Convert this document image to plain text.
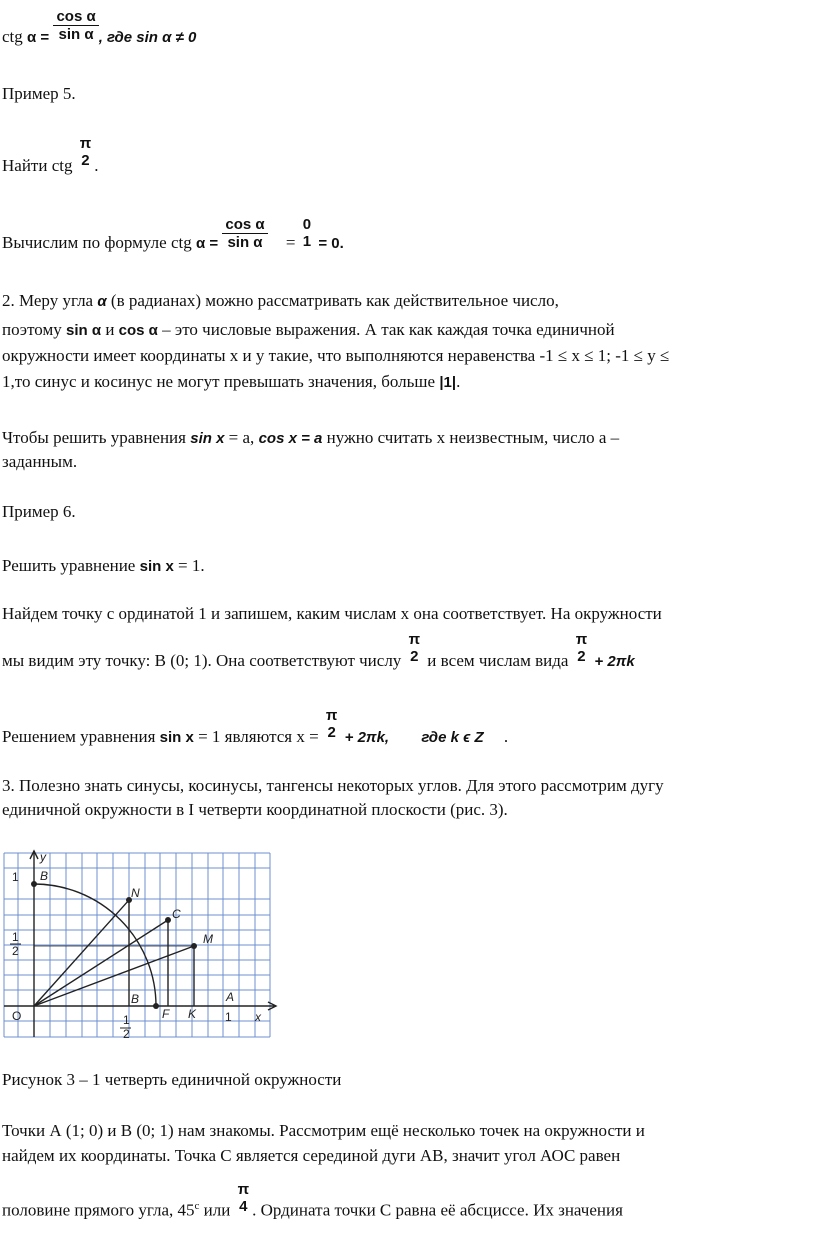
ctg $\alpha = \frac{\text{cos α}}{\text{sin α}}$ , где sin α ≠ 0
Пример 5.
Найти ctg
π
2 .
Вычислим по формуле ctg $\alpha = \frac{\text{cos α}}{\text{sin α}}$ =
0
1 = 0.
2. Меру угла α (в радианах) можно рассматривать как действительное число,
поэтому sin α и cos α – это числовые выражения. А так как каждая точка единичной
окружности имеет координаты x и y такие, что выполняются неравенства -1 ≤ x ≤ 1; -1 ≤ y ≤
1,то синус и косинус не могут превышать значения, больше |1|.
Чтобы решить уравнения sin x = a, cos x = a нужно считать x неизвестным, число a –
заданным.
Пример 6.
Решить уравнение sin x = 1.
Найдем точку с ординатой 1 и запишем, каким числам x она соответствует. На окружности
мы видим эту точку: B (0; 1). Она соответствуют числу
π
2 и всем числам вида
π
2 + 2πk
Решением уравнения sin x = 1 являются x =
π
2 + 2πk, где k ϵ Z .
3. Полезно знать синусы, косинусы, тангенсы некоторых углов. Для этого рассмотрим дугу
единичной окружности в I четверти координатной плоскости (рис. 3).
y
x
O
1
1
1
2
1
2
B
N
C
M
A
B
F K
Рисунок 3 – 1 четверть единичной окружности
Точки А (1; 0) и В (0; 1) нам знакомы. Рассмотрим ещё несколько точек на окружности и
найдем их координаты. Точка С является серединой дуги АВ, значит угол АОС равен
половине прямого угла, $45^с$ или
π
4 . Ордината точки С равна её абсциссе. Их значения
